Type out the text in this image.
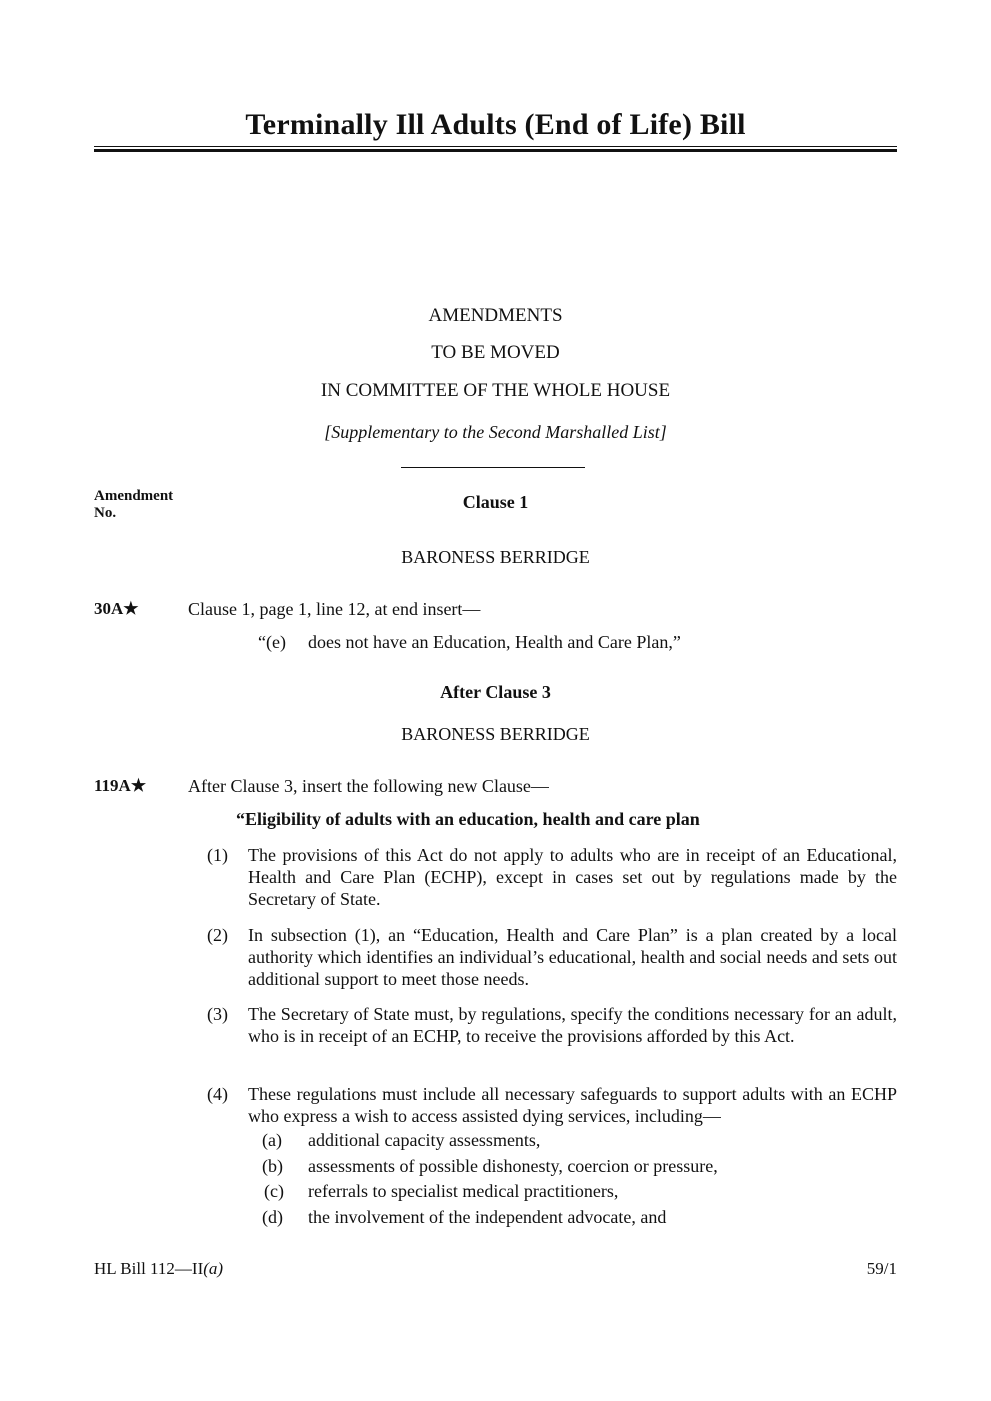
Terminally Ill Adults (End of Life) Bill
AMENDMENTS
TO BE MOVED
IN COMMITTEE OF THE WHOLE HOUSE
[Supplementary to the Second Marshalled List]
Amendment
No.
Clause 1
BARONESS BERRIDGE
30A★	Clause 1, page 1, line 12, at end insert—
“(e) does not have an Education, Health and Care Plan,”
After Clause 3
BARONESS BERRIDGE
119A★ After Clause 3, insert the following new Clause—
“Eligibility of adults with an education, health and care plan
(1) The provisions of this Act do not apply to adults who are in receipt of an Educational, Health and Care Plan (ECHP), except in cases set out by regulations made by the Secretary of State.
(2) In subsection (1), an “Education, Health and Care Plan” is a plan created by a local authority which identifies an individual’s educational, health and social needs and sets out additional support to meet those needs.
(3) The Secretary of State must, by regulations, specify the conditions necessary for an adult, who is in receipt of an ECHP, to receive the provisions afforded by this Act.
(4) These regulations must include all necessary safeguards to support adults with an ECHP who express a wish to access assisted dying services, including—
(a) additional capacity assessments,
(b) assessments of possible dishonesty, coercion or pressure,
(c) referrals to specialist medical practitioners,
(d) the involvement of the independent advocate, and
HL Bill 112—II(a)	59/1
